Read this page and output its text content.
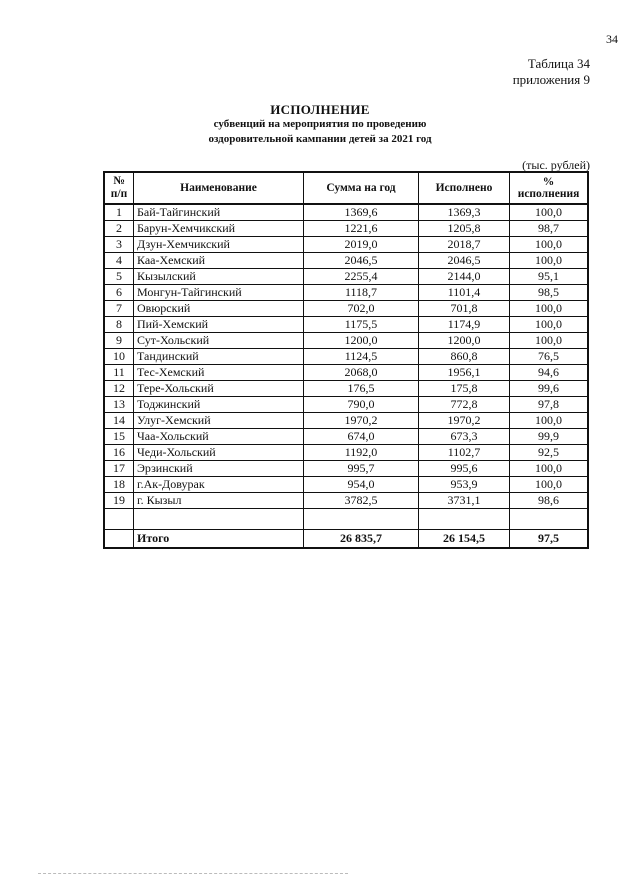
34
Таблица 34
приложения 9
ИСПОЛНЕНИЕ
субвенций на мероприятия по проведению
оздоровительной кампании детей за 2021 год
(тыс. рублей)
№
п/п	Наименование	Сумма на год	Исполнено	% исполнения
1	Бай-Тайгинский	1369,6	1369,3	100,0
2	Барун-Хемчикский	1221,6	1205,8	98,7
3	Дзун-Хемчикский	2019,0	2018,7	100,0
4	Каа-Хемский	2046,5	2046,5	100,0
5	Кызылский	2255,4	2144,0	95,1
6	Монгун-Тайгинский	1118,7	1101,4	98,5
7	Овюрский	702,0	701,8	100,0
8	Пий-Хемский	1175,5	1174,9	100,0
9	Сут-Хольский	1200,0	1200,0	100,0
10	Тандинский	1124,5	860,8	76,5
11	Тес-Хемский	2068,0	1956,1	94,6
12	Тере-Хольский	176,5	175,8	99,6
13	Тоджинский	790,0	772,8	97,8
14	Улуг-Хемский	1970,2	1970,2	100,0
15	Чаа-Хольский	674,0	673,3	99,9
16	Чеди-Хольский	1192,0	1102,7	92,5
17	Эрзинский	995,7	995,6	100,0
18	г.Ак-Довурак	954,0	953,9	100,0
19	г. Кызыл	3782,5	3731,1	98,6

	Итого	26 835,7	26 154,5	97,5
